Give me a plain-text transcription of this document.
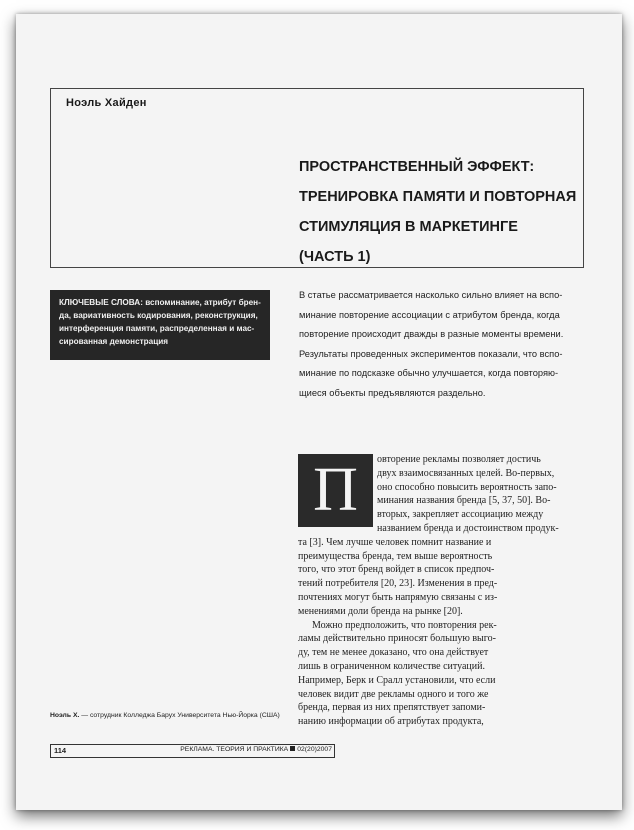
Ноэль Хайден
ПРОСТРАНСТВЕННЫЙ ЭФФЕКТ:
ТРЕНИРОВКА ПАМЯТИ И ПОВТОРНАЯ
СТИМУЛЯЦИЯ В МАРКЕТИНГЕ
(ЧАСТЬ 1)
КЛЮЧЕВЫЕ СЛОВА: вспоминание, атрибут брен-
да, вариативность кодирования, реконструкция,
интерференция памяти, распределенная и мас-
сированная демонстрация
В статье рассматривается насколько сильно влияет на вспо-
минание повторение ассоциации с атрибутом бренда, когда
повторение происходит дважды в разные моменты времени.
Результаты проведенных экспериментов показали, что вспо-
минание по подсказке обычно улучшается, когда повторяю-
щиеся объекты предъявляются раздельно.
П	овторение рекламы позволяет достичь
двух взаимосвязанных целей. Во-первых,
оно способно повысить вероятность запо-
минания названия бренда [5, 37, 50]. Во-
вторых, закрепляет ассоциацию между
названием бренда и достоинством продук-
та [3]. Чем лучше человек помнит название и
преимущества бренда, тем выше вероятность
того, что этот бренд войдет в список предпоч-
тений потребителя [20, 23]. Изменения в пред-
почтениях могут быть напрямую связаны с из-
менениями доли бренда на рынке [20].
Можно предположить, что повторения рек-
ламы действительно приносят большую выго-
ду, тем не менее доказано, что она действует
лишь в ограниченном количестве ситуаций.
Например, Берк и Сралл установили, что если
человек видит две рекламы одного и того же
бренда, первая из них препятствует запоми-
нанию информации об атрибутах продукта,
Ноэль Х. — сотрудник Колледжа Барух Университета Нью-Йорка (США)
114	РЕКЛАМА. ТЕОРИЯ И ПРАКТИКА 02(20)2007
